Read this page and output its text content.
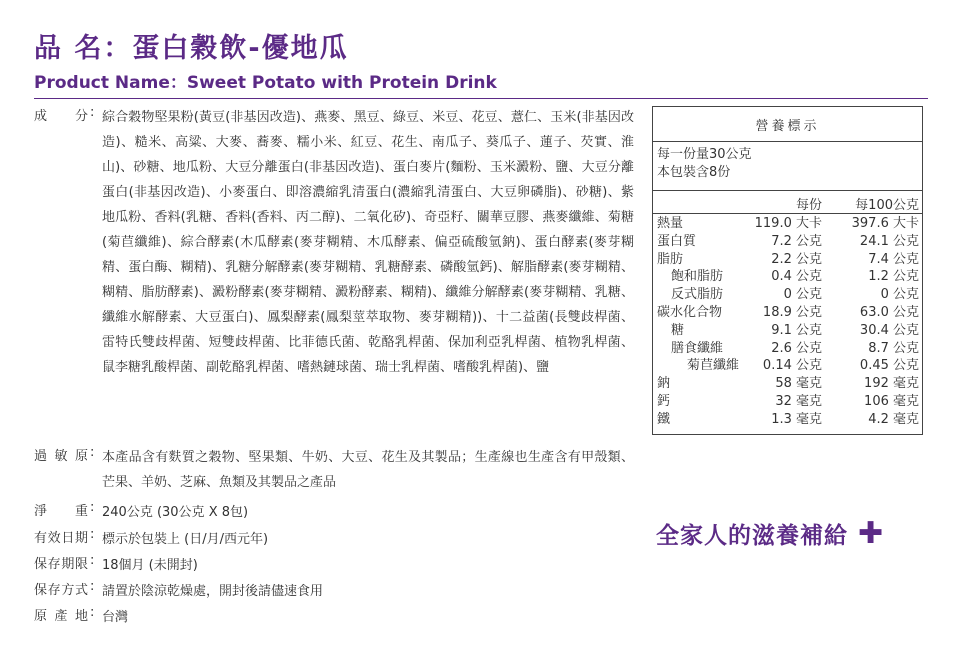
品 名：蛋白穀飲-優地瓜
Product Name：Sweet Potato with Protein Drink
成 分 : 綜合穀物堅果粉(黃豆(非基因改造)、燕麥、黑豆、綠豆、米豆、花豆、薏仁、玉米(非基因改造)、糙米、高粱、大麥、蕎麥、糯小米、紅豆、花生、南瓜子、葵瓜子、蓮子、芡實、淮山)、砂糖、地瓜粉、大豆分離蛋白(非基因改造)、蛋白麥片(麵粉、玉米澱粉、鹽、大豆分離蛋白(非基因改造)、小麥蛋白、即溶濃縮乳清蛋白(濃縮乳清蛋白、大豆卵磷脂)、砂糖)、紫地瓜粉、香料(乳糖、香料(香料、丙二醇)、二氧化矽)、奇亞籽、關華豆膠、燕麥纖維、菊糖(菊苣纖維)、綜合酵素(木瓜酵素(麥芽糊精、木瓜酵素、偏亞硫酸氫鈉)、蛋白酵素(麥芽糊精、蛋白酶、糊精)、乳糖分解酵素(麥芽糊精、乳糖酵素、磷酸氫鈣)、解脂酵素(麥芽糊精、糊精、脂肪酵素)、澱粉酵素(麥芽糊精、澱粉酵素、糊精)、纖維分解酵素(麥芽糊精、乳糖、纖維水解酵素、大豆蛋白)、鳳梨酵素(鳳梨莖萃取物、麥芽糊精))、十二益菌(長雙歧桿菌、雷特氏雙歧桿菌、短雙歧桿菌、比菲德氏菌、乾酪乳桿菌、保加利亞乳桿菌、植物乳桿菌、鼠李糖乳酸桿菌、副乾酪乳桿菌、嗜熱鏈球菌、瑞士乳桿菌、嗜酸乳桿菌)、鹽
過 敏 原 : 本產品含有麩質之穀物、堅果類、牛奶、大豆、花生及其製品；生產線也生產含有甲殼類、芒果、羊奶、芝麻、魚類及其製品之產品
淨 重 : 240公克 (30公克 X 8包)
有 效 日 期 : 標示於包裝上 (日/月/西元年)
保 存 期 限 : 18個月 (未開封)
保 存 方 式 : 請置於陰涼乾燥處，開封後請儘速食用
原 產 地 : 台灣
營養標示
每一份量30公克
本包裝含8份
每份	每100公克
熱量	119.0 大卡 397.6 大卡
蛋白質	7.2 公克	24.1 公克
脂肪	2.2 公克	7.4 公克
飽和脂肪	0.4 公克	1.2 公克
反式脂肪	0 公克	0 公克
碳水化合物	18.9 公克	63.0 公克
糖	9.1 公克	30.4 公克
膳食纖維	2.6 公克	8.7 公克
菊苣纖維 0.14 公克	0.45 公克
鈉	58 毫克	192 毫克
鈣	32 毫克	106 毫克
鐵	1.3 毫克	4.2 毫克
全家人的滋養補給 ✚
